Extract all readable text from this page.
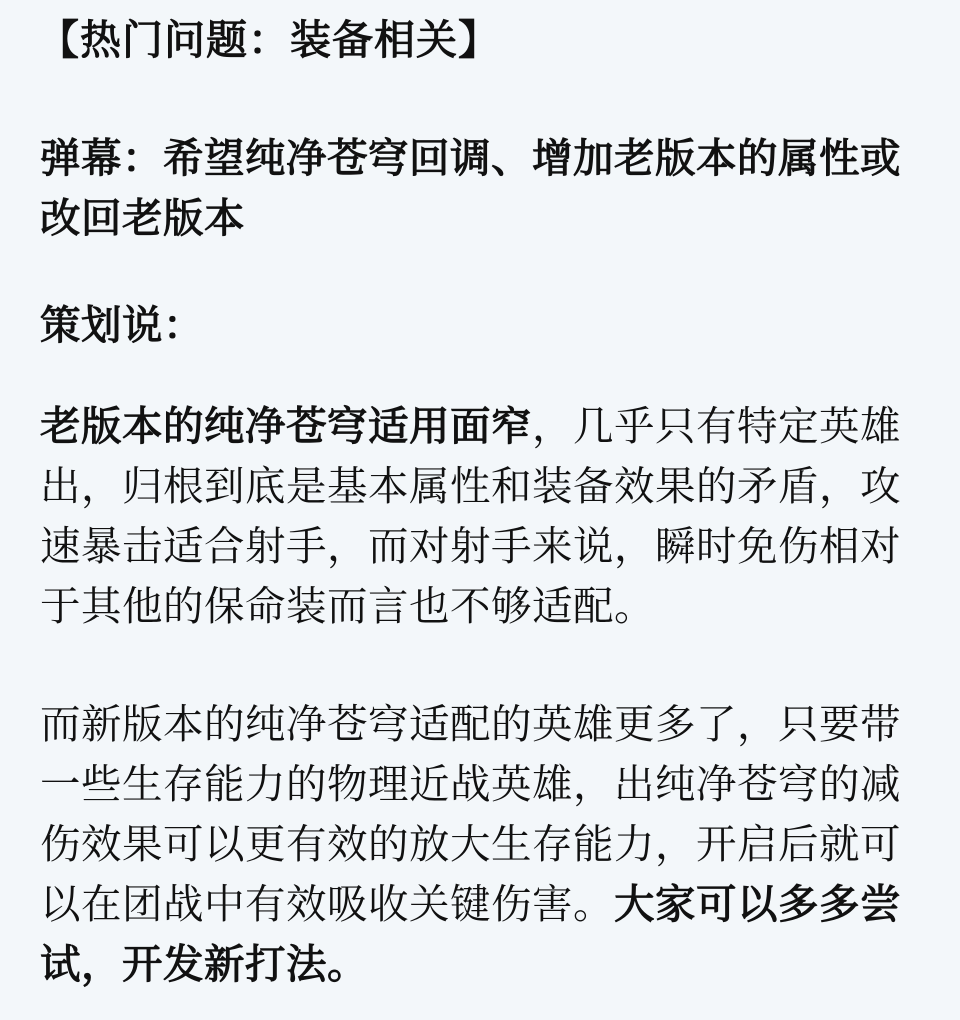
【热门问题：装备相关】

弹幕：希望纯净苍穹回调、增加老版本的属性或改回老版本

策划说：

老版本的纯净苍穹适用面窄，几乎只有特定英雄出，归根到底是基本属性和装备效果的矛盾，攻速暴击适合射手，而对射手来说，瞬时免伤相对于其他的保命装而言也不够适配。

而新版本的纯净苍穹适配的英雄更多了，只要带一些生存能力的物理近战英雄，出纯净苍穹的减伤效果可以更有效的放大生存能力，开启后就可以在团战中有效吸收关键伤害。大家可以多多尝试，开发新打法。
